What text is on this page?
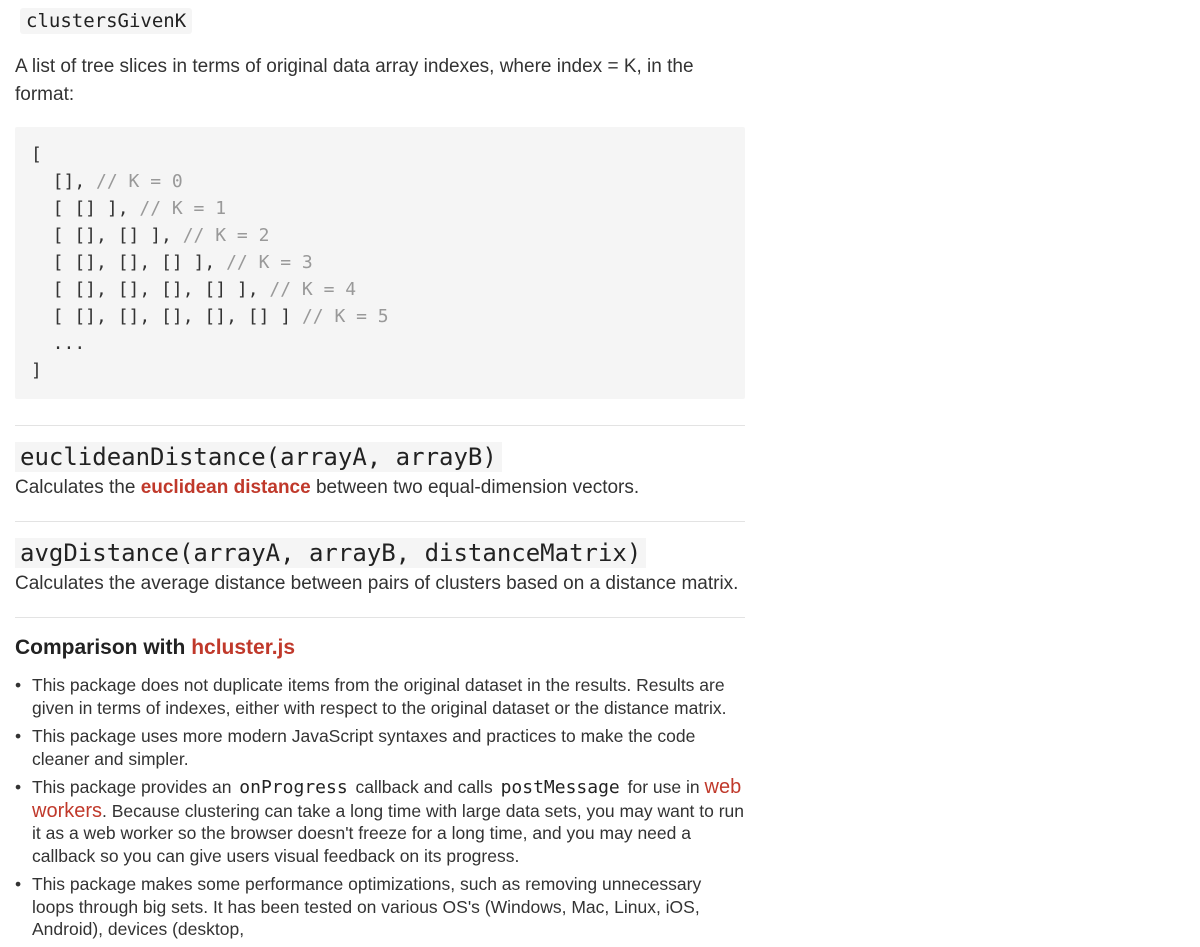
clustersGivenK

A list of tree slices in terms of original data array indexes, where index = K, in the format:

[
[], // K = 0
[ [] ], // K = 1
[ [], [] ], // K = 2
[ [], [], [] ], // K = 3
[ [], [], [], [] ], // K = 4
[ [], [], [], [], [] ] // K = 5
...
]
euclideanDistance(arrayA, arrayB)

Calculates the euclidean distance between two equal-dimension vectors.

avgDistance(arrayA, arrayB, distanceMatrix)

Calculates the average distance between pairs of clusters based on a distance matrix.

Comparison with hcluster.js
• This package does not duplicate items from the original dataset in the results. Results are given in terms of indexes, either with respect to the original dataset or the distance matrix.
• This package uses more modern JavaScript syntaxes and practices to make the code cleaner and simpler.
• This package provides an onProgress callback and calls postMessage for use in web workers. Because clustering can take a long time with large data sets, you may want to run it as a web worker so the browser doesn't freeze for a long time, and you may need a callback so you can give users visual feedback on its progress.
• This package makes some performance optimizations, such as removing unnecessary loops through big sets. It has been tested on various OS's (Windows, Mac, Linux, iOS, Android), devices (desktop,
